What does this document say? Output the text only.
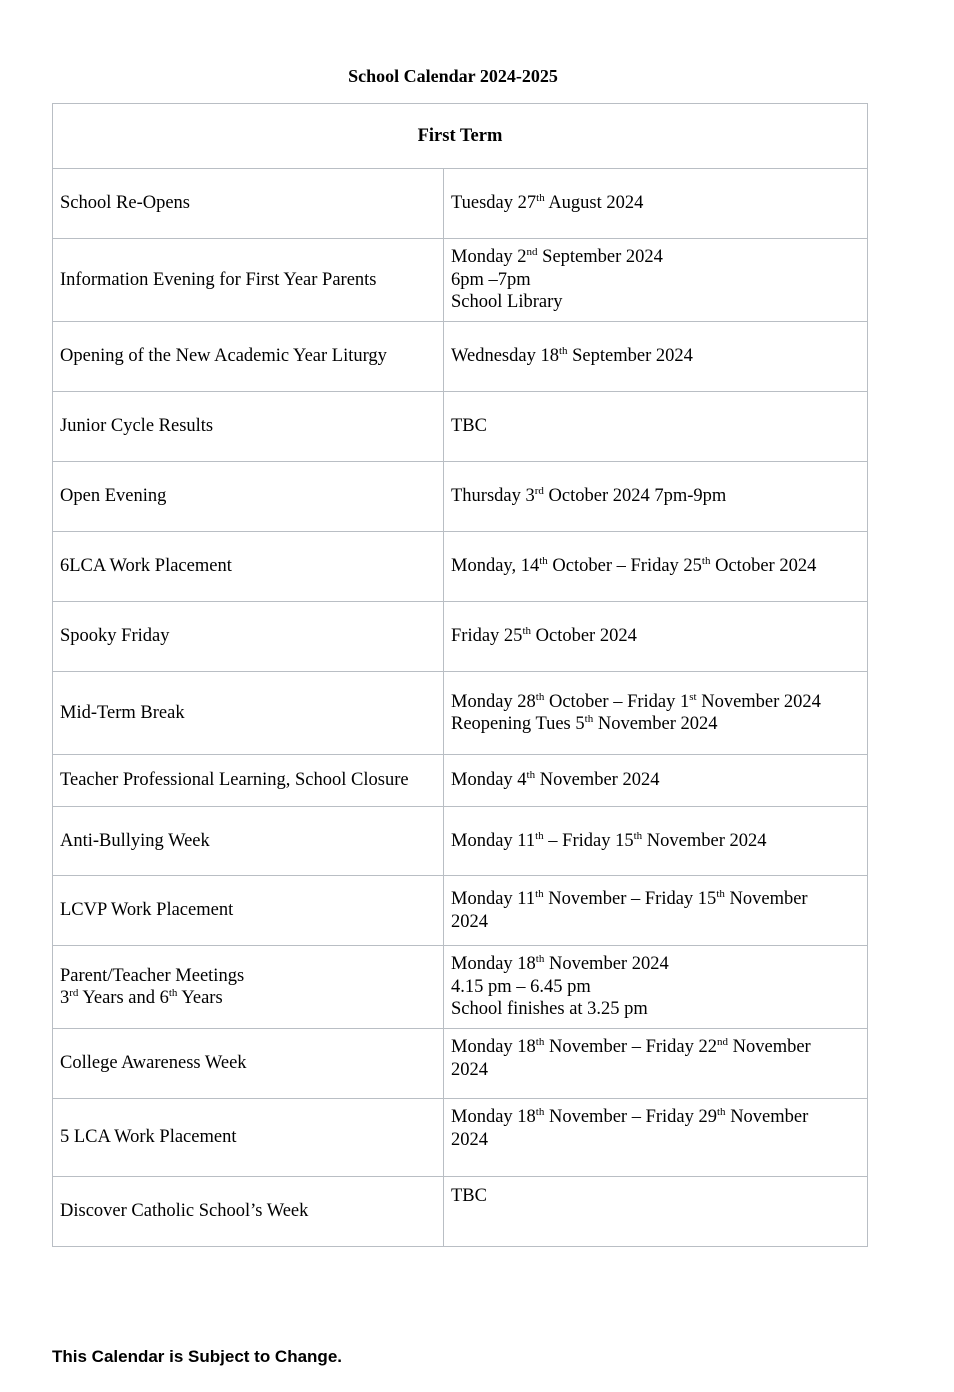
School Calendar 2024-2025
First Term	
School Re-Opens	Tuesday 27th August 2024
Information Evening for First Year Parents	Monday 2nd September 2024
6pm –7pm
School Library

Opening of the New Academic Year Liturgy	Wednesday 18th September 2024
Junior Cycle Results	TBC
Open Evening	Thursday 3rd October 2024 7pm-9pm
6LCA Work Placement	Monday, 14th October – Friday 25th October 2024
Spooky Friday	Friday 25th October 2024
Mid-Term Break	Monday 28th October – Friday 1st November 2024
Reopening Tues 5th November 2024

Teacher Professional Learning, School Closure	Monday 4th November 2024
Anti-Bullying Week	Monday 11th – Friday 15th November 2024
LCVP Work Placement	Monday 11th November – Friday 15th November
2024

Parent/Teacher Meetings
3rd Years and 6th Years	Monday 18th November 2024
4.15 pm – 6.45 pm
School finishes at 3.25 pm

College Awareness Week	Monday 18th November – Friday 22nd November
2024

5 LCA Work Placement	Monday 18th November – Friday 29th November
2024

Discover Catholic School’s Week	TBC
This Calendar is Subject to Change.
